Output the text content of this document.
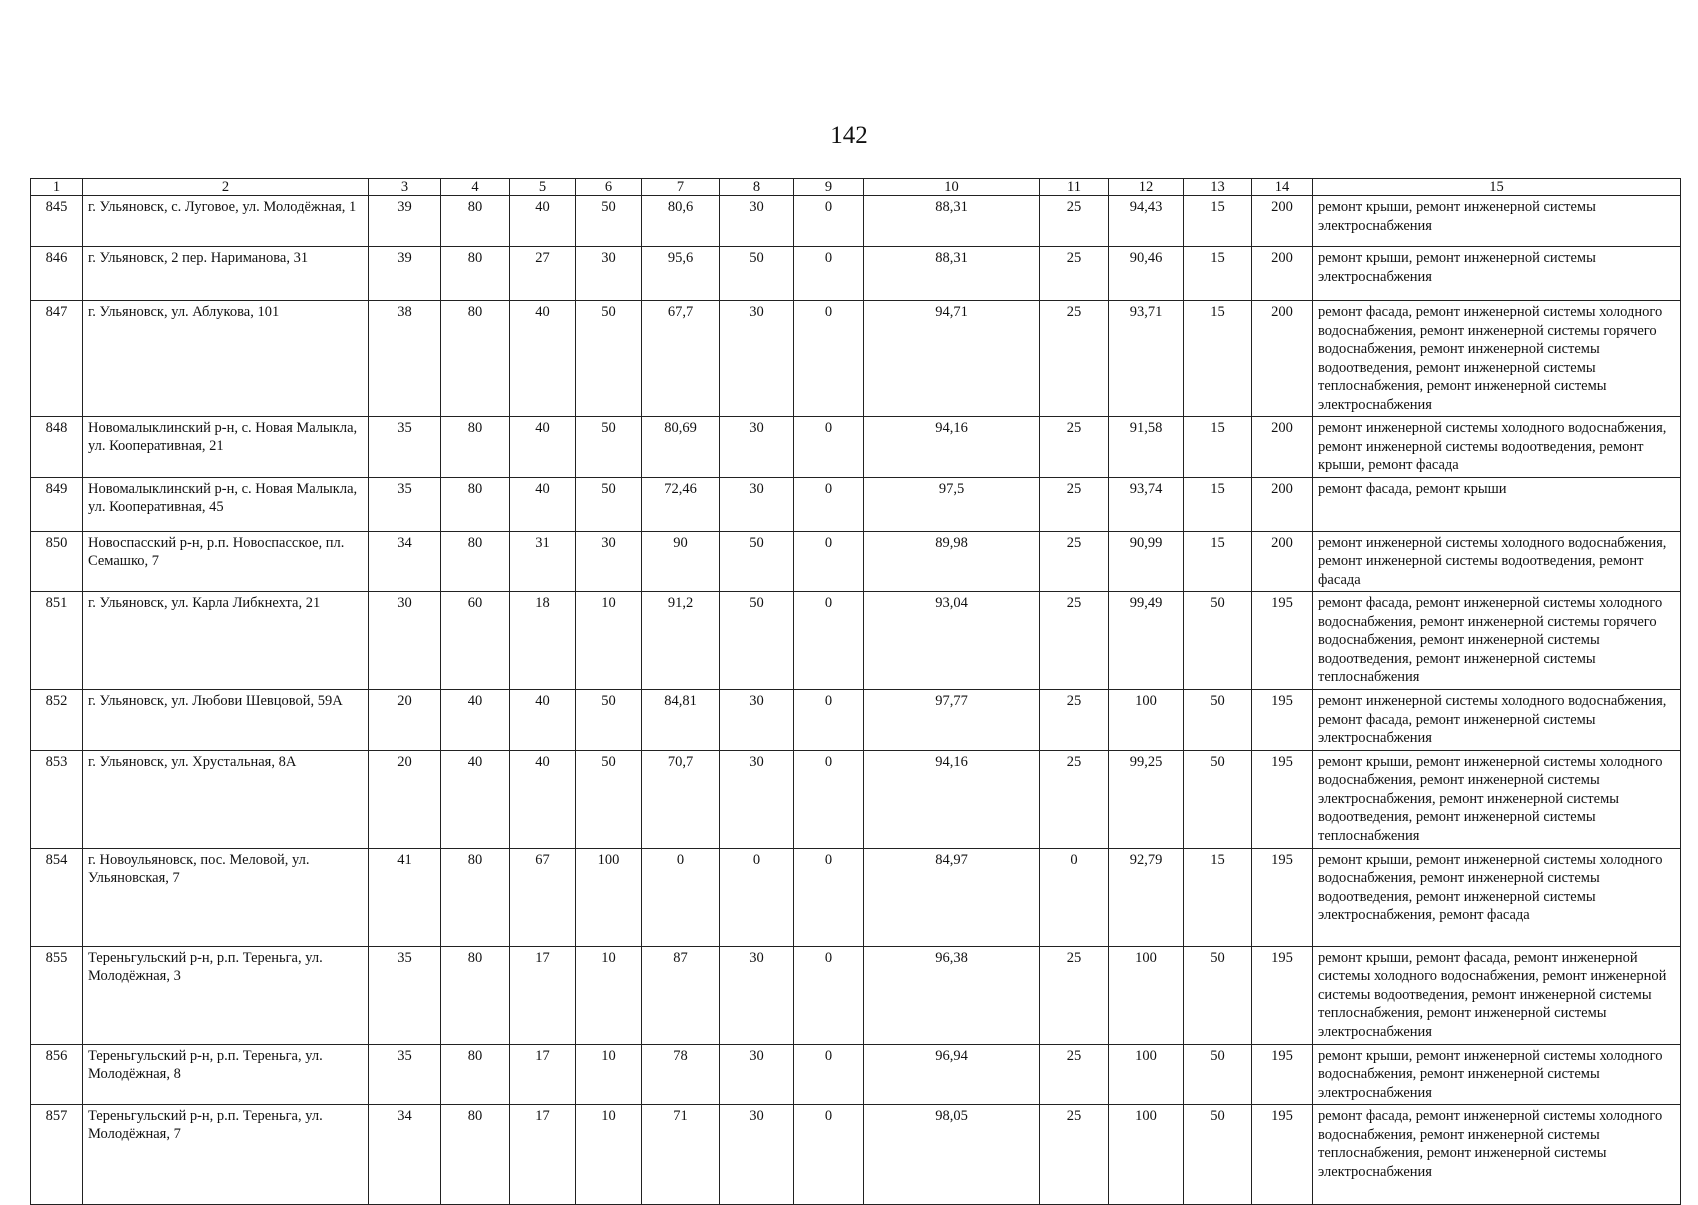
142
1	2	3	4	5	6	7	8	9	10	11	12	13	14	15
845	г. Ульяновск, с. Луговое, ул. Молодёжная, 1	39	80	40	50	80,6	30	0	88,31	25	94,43	15	200	ремонт крыши, ремонт инженерной системы электроснабжения
846	г. Ульяновск, 2 пер. Нариманова, 31	39	80	27	30	95,6	50	0	88,31	25	90,46	15	200	ремонт крыши, ремонт инженерной системы электроснабжения
847	г. Ульяновск, ул. Аблукова, 101	38	80	40	50	67,7	30	0	94,71	25	93,71	15	200	ремонт фасада, ремонт инженерной системы холодного водоснабжения, ремонт инженерной системы горячего водоснабжения, ремонт инженерной системы водоотведения, ремонт инженерной системы теплоснабжения, ремонт инженерной системы электроснабжения
848	Новомалыклинский р-н, с. Новая Малыкла, ул. Кооперативная, 21	35	80	40	50	80,69	30	0	94,16	25	91,58	15	200	ремонт инженерной системы холодного водоснабжения, ремонт инженерной системы водоотведения, ремонт крыши, ремонт фасада
849	Новомалыклинский р-н, с. Новая Малыкла, ул. Кооперативная, 45	35	80	40	50	72,46	30	0	97,5	25	93,74	15	200	ремонт фасада, ремонт крыши
850	Новоспасский р-н, р.п. Новоспасское, пл. Семашко, 7	34	80	31	30	90	50	0	89,98	25	90,99	15	200	ремонт инженерной системы холодного водоснабжения, ремонт инженерной системы водоотведения, ремонт фасада
851	г. Ульяновск, ул. Карла Либкнехта, 21	30	60	18	10	91,2	50	0	93,04	25	99,49	50	195	ремонт фасада, ремонт инженерной системы холодного водоснабжения, ремонт инженерной системы горячего водоснабжения, ремонт инженерной системы водоотведения, ремонт инженерной системы теплоснабжения
852	г. Ульяновск, ул. Любови Шевцовой, 59А	20	40	40	50	84,81	30	0	97,77	25	100	50	195	ремонт инженерной системы холодного водоснабжения, ремонт фасада, ремонт инженерной системы электроснабжения
853	г. Ульяновск, ул. Хрустальная, 8А	20	40	40	50	70,7	30	0	94,16	25	99,25	50	195	ремонт крыши, ремонт инженерной системы холодного водоснабжения, ремонт инженерной системы электроснабжения, ремонт инженерной системы водоотведения, ремонт инженерной системы теплоснабжения
854	г. Новоульяновск, пос. Меловой, ул. Ульяновская, 7	41	80	67	100	0	0	0	84,97	0	92,79	15	195	ремонт крыши, ремонт инженерной системы холодного водоснабжения, ремонт инженерной системы водоотведения, ремонт инженерной системы электроснабжения, ремонт фасада
855	Тереньгульский р-н, р.п. Тереньга, ул. Молодёжная, 3	35	80	17	10	87	30	0	96,38	25	100	50	195	ремонт крыши, ремонт фасада, ремонт инженерной системы холодного водоснабжения, ремонт инженерной системы водоотведения, ремонт инженерной системы теплоснабжения, ремонт инженерной системы электроснабжения
856	Тереньгульский р-н, р.п. Тереньга, ул. Молодёжная, 8	35	80	17	10	78	30	0	96,94	25	100	50	195	ремонт крыши, ремонт инженерной системы холодного водоснабжения, ремонт инженерной системы электроснабжения
857	Тереньгульский р-н, р.п. Тереньга, ул. Молодёжная, 7	34	80	17	10	71	30	0	98,05	25	100	50	195	ремонт фасада, ремонт инженерной системы холодного водоснабжения, ремонт инженерной системы теплоснабжения, ремонт инженерной системы электроснабжения
